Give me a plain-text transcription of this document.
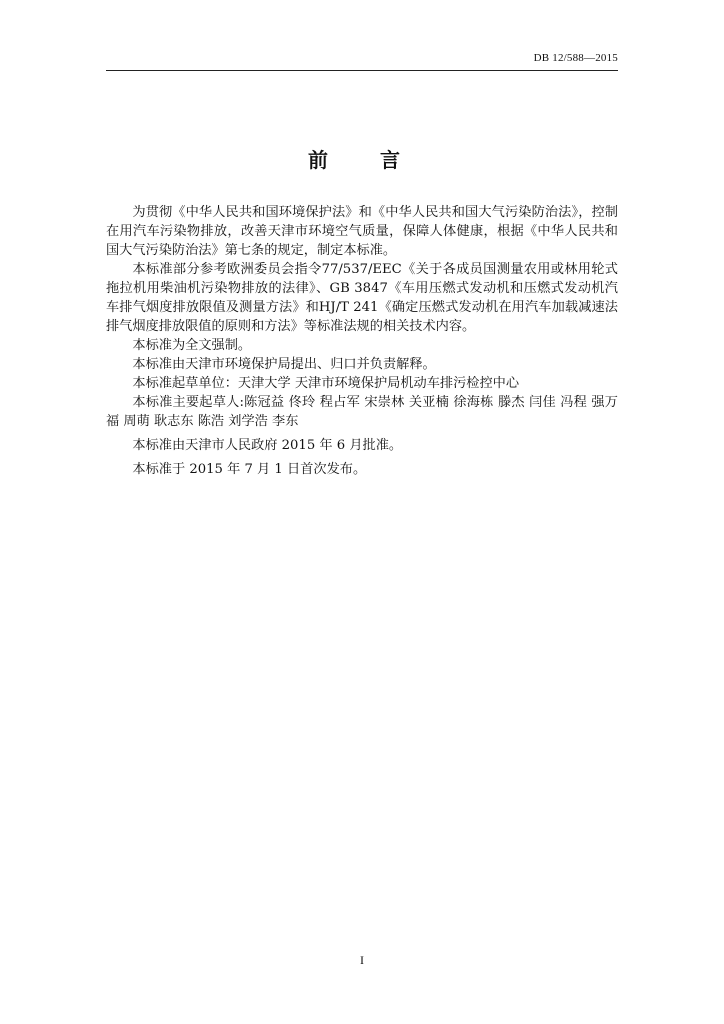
DB 12/588—2015
前　言

为贯彻《中华人民共和国环境保护法》和《中华人民共和国大气污染防治法》，控制在用汽车污染物排放，改善天津市环境空气质量，保障人体健康，根据《中华人民共和国大气污染防治法》第七条的规定，制定本标准。

本标准部分参考欧洲委员会指令77/537/EEC《关于各成员国测量农用或林用轮式拖拉机用柴油机污染物排放的法律》、GB 3847《车用压燃式发动机和压燃式发动机汽车排气烟度排放限值及测量方法》和HJ/T 241《确定压燃式发动机在用汽车加载减速法排气烟度排放限值的原则和方法》等标准法规的相关技术内容。

本标准为全文强制。

本标准由天津市环境保护局提出、归口并负责解释。

本标准起草单位：天津大学 天津市环境保护局机动车排污检控中心

本标准主要起草人:陈冠益 佟玲 程占军 宋崇林 关亚楠 徐海栋 滕杰 闫佳 冯程 强万福 周萌 耿志东 陈浩 刘学浩 李东

本标准由天津市人民政府 2015 年 6 月批准。

本标准于 2015 年 7 月 1 日首次发布。

I
